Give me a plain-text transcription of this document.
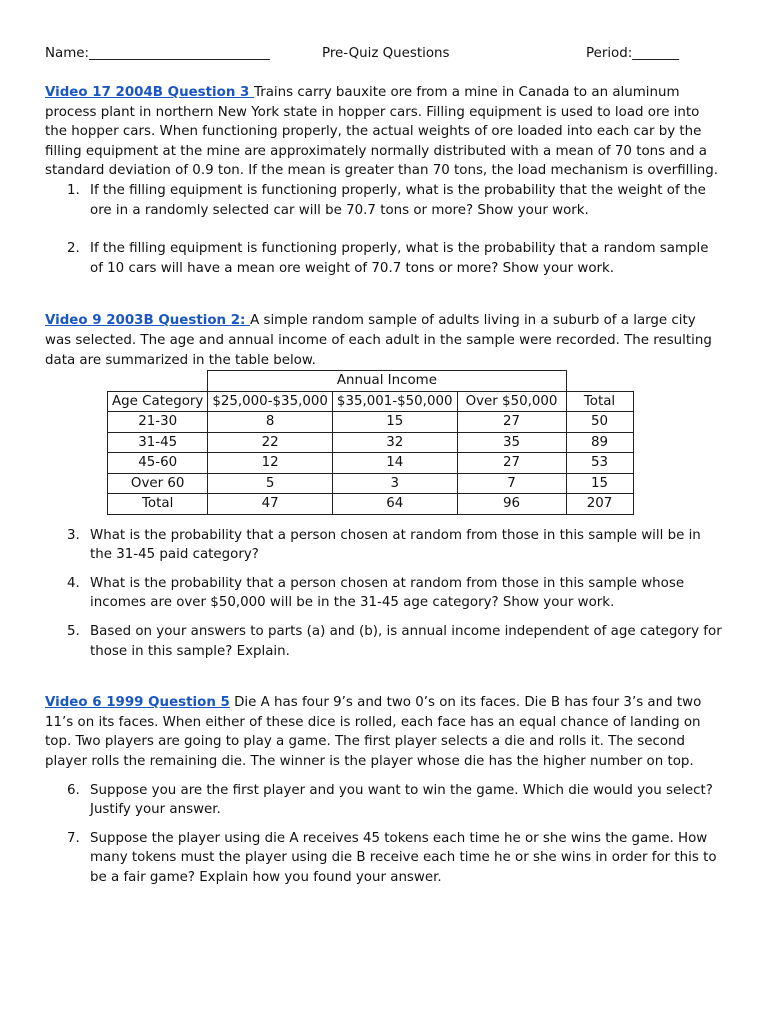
Name:___________________________	Pre-Quiz Questions	Period:_______

Video 17 2004B Question 3 Trains carry bauxite ore from a mine in Canada to an aluminum process plant in northern New York state in hopper cars. Filling equipment is used to load ore into the hopper cars. When functioning properly, the actual weights of ore loaded into each car by the filling equipment at the mine are approximately normally distributed with a mean of 70 tons and a standard deviation of 0.9 ton. If the mean is greater than 70 tons, the load mechanism is overfilling.

1. If the filling equipment is functioning properly, what is the probability that the weight of the ore in a randomly selected car will be 70.7 tons or more? Show your work.
2. If the filling equipment is functioning properly, what is the probability that a random sample of 10 cars will have a mean ore weight of 70.7 tons or more? Show your work.

Video 9 2003B Question 2: A simple random sample of adults living in a suburb of a large city was selected. The age and annual income of each adult in the sample were recorded. The resulting data are summarized in the table below.

	Annual Income			
Age Category	$25,000-$35,000	$35,001-$50,000	Over $50,000	Total
21-30	8	15	27	50
31-45	22	32	35	89
45-60	12	14	27	53
Over 60	5	3	7	15
Total	47	64	96	207
3. What is the probability that a person chosen at random from those in this sample will be in the 31-45 paid category?
4. What is the probability that a person chosen at random from those in this sample whose incomes are over $50,000 will be in the 31-45 age category? Show your work.
5. Based on your answers to parts (a) and (b), is annual income independent of age category for those in this sample? Explain.

Video 6 1999 Question 5 Die A has four 9’s and two 0’s on its faces. Die B has four 3’s and two 11’s on its faces. When either of these dice is rolled, each face has an equal chance of landing on top. Two players are going to play a game. The first player selects a die and rolls it. The second player rolls the remaining die. The winner is the player whose die has the higher number on top.

6. Suppose you are the first player and you want to win the game. Which die would you select? Justify your answer.
7. Suppose the player using die A receives 45 tokens each time he or she wins the game. How many tokens must the player using die B receive each time he or she wins in order for this to be a fair game? Explain how you found your answer.
